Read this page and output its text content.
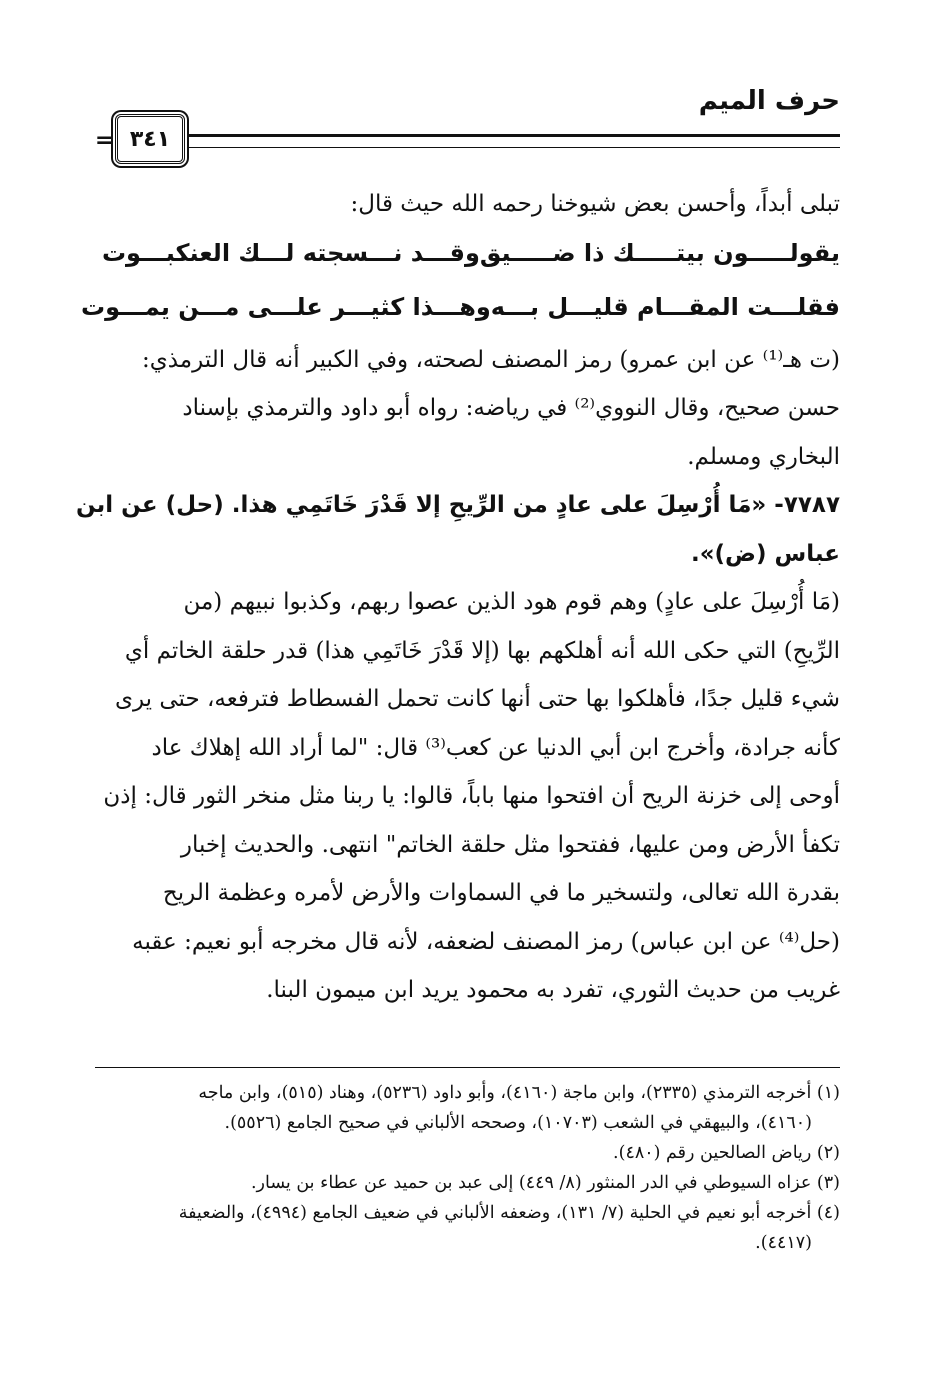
حرف الميم
٣٤١
=
تبلى أبداً، وأحسن بعض شيوخنا رحمه الله حيث قال:
يقولـــــون بيتـــــك ذا ضـــــيق
وقـــد نـــسجته لـــك العنكبـــوت
فقلـــت المقـــام قليـــل بـــه
وهـــذا كثيـــر علـــى مـــن يمـــوت
(ت هـ⁽¹⁾ عن ابن عمرو) رمز المصنف لصحته، وفي الكبير أنه قال الترمذي:
حسن صحيح، وقال النووي⁽²⁾ في رياضه: رواه أبو داود والترمذي بإسناد
البخاري ومسلم.
٧٧٨٧- «مَا أُرْسِلَ على عادٍ من الرِّيحِ إلا قَدْرَ خَاتَمِي هذا. (حل) عن ابن
عباس (ض)».
(مَا أُرْسِلَ على عادٍ) وهم قوم هود الذين عصوا ربهم، وكذبوا نبيهم (من
الرِّيحِ) التي حكى الله أنه أهلكهم بها (إلا قَدْرَ خَاتَمِي هذا) قدر حلقة الخاتم أي
شيء قليل جدًا، فأهلكوا بها حتى أنها كانت تحمل الفسطاط فترفعه، حتى يرى
كأنه جرادة، وأخرج ابن أبي الدنيا عن كعب⁽³⁾ قال: "لما أراد الله إهلاك عاد
أوحى إلى خزنة الريح أن افتحوا منها باباً، قالوا: يا ربنا مثل منخر الثور قال: إذن
تكفأ الأرض ومن عليها، ففتحوا مثل حلقة الخاتم" انتهى. والحديث إخبار
بقدرة الله تعالى، ولتسخير ما في السماوات والأرض لأمره وعظمة الريح
(حل⁽⁴⁾ عن ابن عباس) رمز المصنف لضعفه، لأنه قال مخرجه أبو نعيم: عقبه
غريب من حديث الثوري، تفرد به محمود يريد ابن ميمون البنا.
(١) أخرجه الترمذي (٢٣٣٥)، وابن ماجة (٤١٦٠)، وأبو داود (٥٢٣٦)، وهناد (٥١٥)، وابن ماجه
(٤١٦٠)، والبيهقي في الشعب (١٠٧٠٣)، وصححه الألباني في صحيح الجامع (٥٥٢٦).
(٢) رياض الصالحين رقم (٤٨٠).
(٣) عزاه السيوطي في الدر المنثور (٨/ ٤٤٩) إلى عبد بن حميد عن عطاء بن يسار.
(٤) أخرجه أبو نعيم في الحلية (٧/ ١٣١)، وضعفه الألباني في ضعيف الجامع (٤٩٩٤)، والضعيفة
(٤٤١٧).
